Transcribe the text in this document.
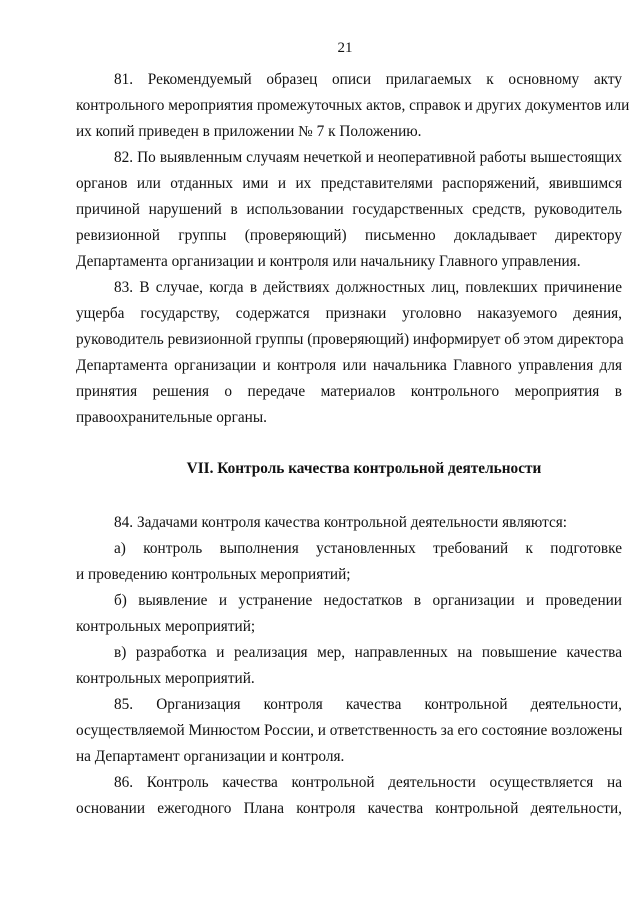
21
81. Рекомендуемый образец описи прилагаемых к основному акту
контрольного мероприятия промежуточных актов, справок и других документов или
их копий приведен в приложении № 7 к Положению.
82. По выявленным случаям нечеткой и неоперативной работы вышестоящих
органов или отданных ими и их представителями распоряжений, явившимся
причиной нарушений в использовании государственных средств, руководитель
ревизионной группы (проверяющий) письменно докладывает директору
Департамента организации и контроля или начальнику Главного управления.
83. В случае, когда в действиях должностных лиц, повлекших причинение
ущерба государству, содержатся признаки уголовно наказуемого деяния,
руководитель ревизионной группы (проверяющий) информирует об этом директора
Департамента организации и контроля или начальника Главного управления для
принятия решения о передаче материалов контрольного мероприятия в
правоохранительные органы.
VII. Контроль качества контрольной деятельности
84. Задачами контроля качества контрольной деятельности являются:
а) контроль выполнения установленных требований к подготовке
и проведению контрольных мероприятий;
б) выявление и устранение недостатков в организации и проведении
контрольных мероприятий;
в) разработка и реализация мер, направленных на повышение качества
контрольных мероприятий.
85. Организация контроля качества контрольной деятельности,
осуществляемой Минюстом России, и ответственность за его состояние возложены
на Департамент организации и контроля.
86. Контроль качества контрольной деятельности осуществляется на
основании ежегодного Плана контроля качества контрольной деятельности,
